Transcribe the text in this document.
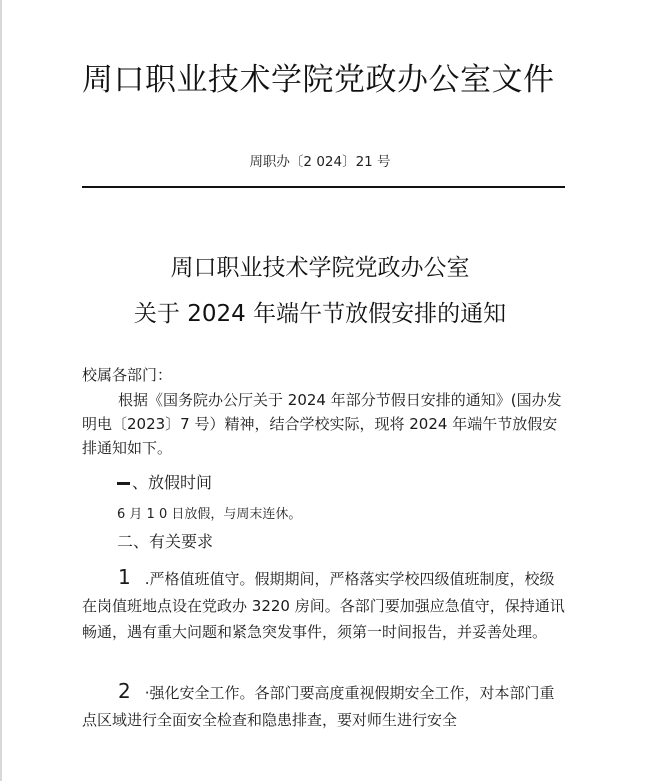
周口职业技术学院党政办公室文件
周职办〔2 024〕21 号
周口职业技术学院党政办公室
关于 2024 年端午节放假安排的通知
校属各部门：
根据《国务院办公厅关于 2024 年部分节假日安排的通知》(国办发明电〔2023〕7 号）精神，结合学校实际，现将 2024 年端午节放假安排通知如下。
、放假时间
6 月 1 0 日放假，与周末连休。
二、有关要求
1 .严格值班值守。假期期间，严格落实学校四级值班制度，校级在岗值班地点设在党政办 3220 房间。各部门要加强应急值守，保持通讯畅通，遇有重大问题和紧急突发事件，须第一时间报告，并妥善处理。
2 ·强化安全工作。各部门要高度重视假期安全工作，对本部门重点区域进行全面安全检查和隐患排查，要对师生进行安全
